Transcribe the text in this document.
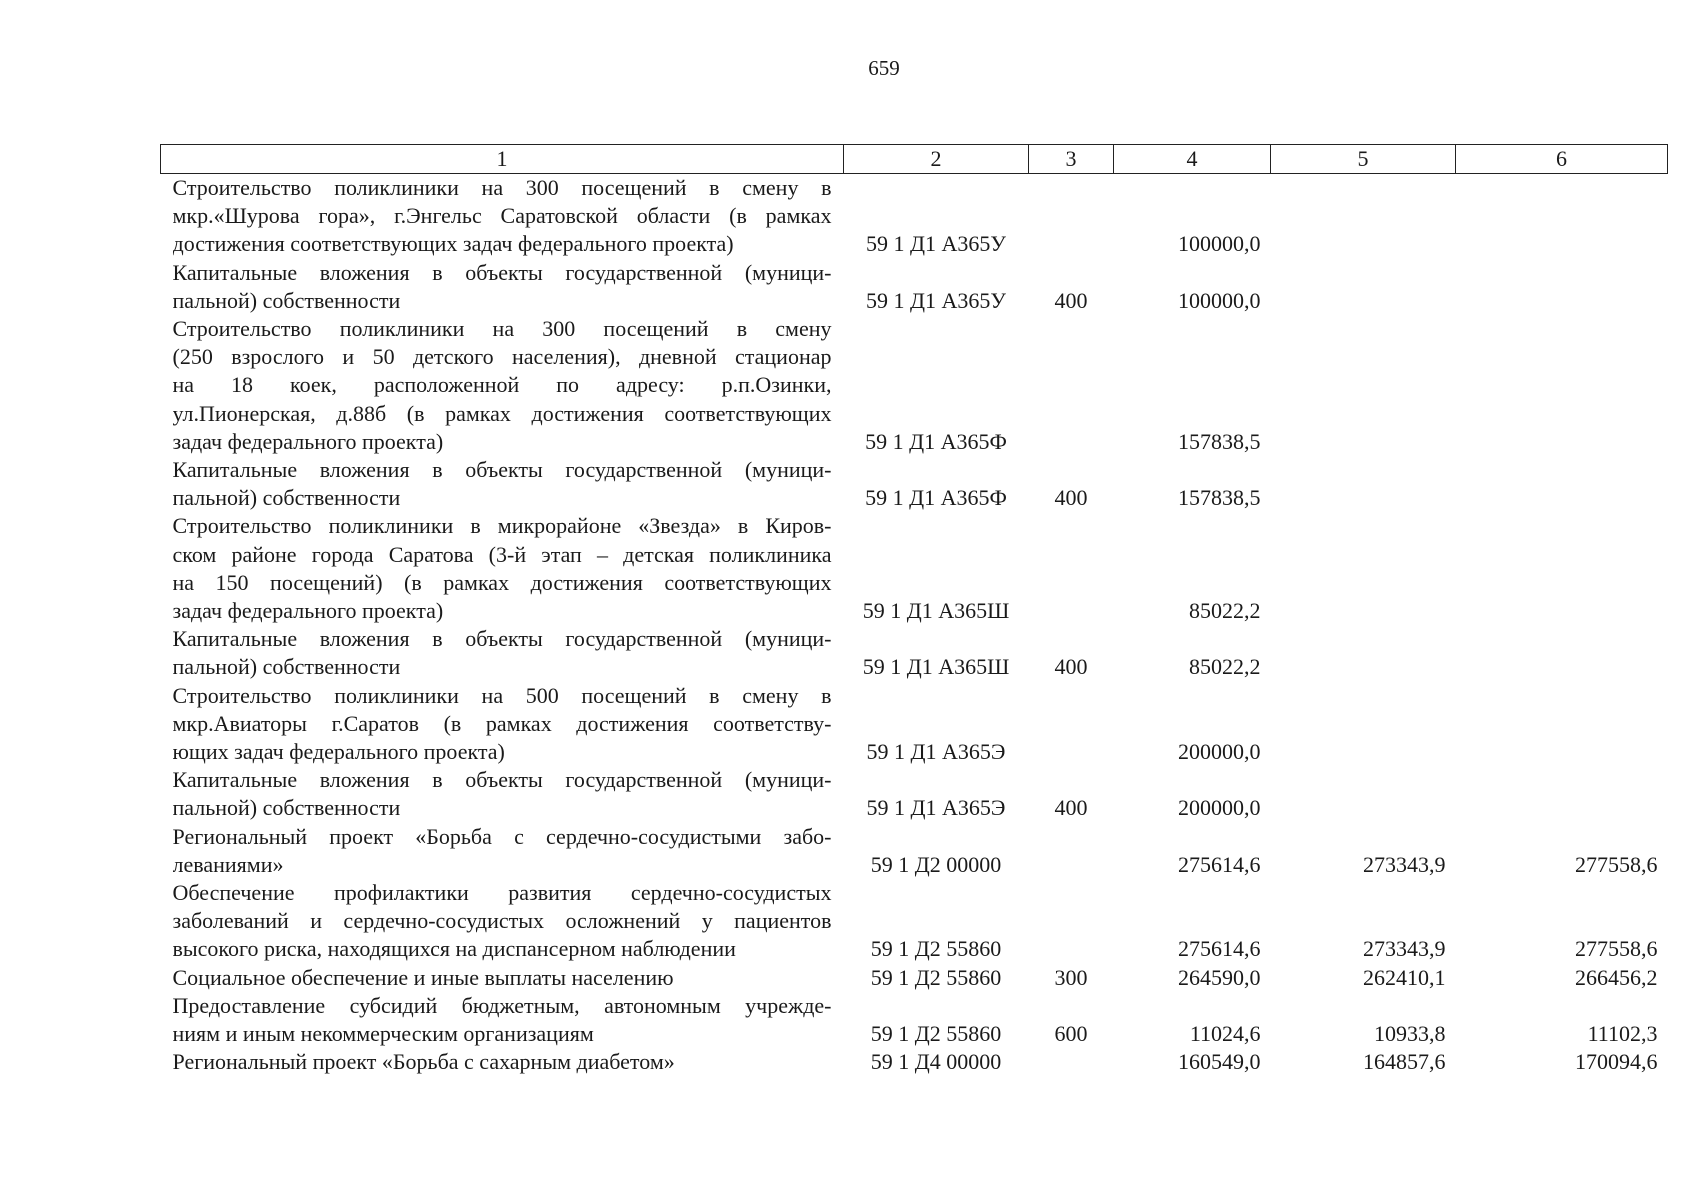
659
1	2	3	4	5	6

Строительство поликлиники на 300 посещений в смену в
мкр.«Шурова гора», г.Энгельс Саратовской области (в рамках
достижения соответствующих задач федерального проекта)	59 1 Д1 А365У		100000,0		

Капитальные вложения в объекты государственной (муници-
пальной) собственности	59 1 Д1 А365У	400	100000,0		

Строительство поликлиники на 300 посещений в смену
(250 взрослого и 50 детского населения), дневной стационар
на 18 коек, расположенной по адресу: р.п.Озинки,
ул.Пионерская, д.88б (в рамках достижения соответствующих
задач федерального проекта)	59 1 Д1 А365Ф		157838,5		

Капитальные вложения в объекты государственной (муници-
пальной) собственности	59 1 Д1 А365Ф	400	157838,5		

Строительство поликлиники в микрорайоне «Звезда» в Киров-
ском районе города Саратова (3-й этап – детская поликлиника
на 150 посещений) (в рамках достижения соответствующих
задач федерального проекта)	59 1 Д1 А365Ш		85022,2		

Капитальные вложения в объекты государственной (муници-
пальной) собственности	59 1 Д1 А365Ш	400	85022,2		

Строительство поликлиники на 500 посещений в смену в
мкр.Авиаторы г.Саратов (в рамках достижения соответству-
ющих задач федерального проекта)	59 1 Д1 А365Э		200000,0		

Капитальные вложения в объекты государственной (муници-
пальной) собственности	59 1 Д1 А365Э	400	200000,0		

Региональный проект «Борьба с сердечно-сосудистыми забо-
леваниями»	59 1 Д2 00000		275614,6	273343,9	277558,6

Обеспечение профилактики развития сердечно-сосудистых
заболеваний и сердечно-сосудистых осложнений у пациентов
высокого риска, находящихся на диспансерном наблюдении	59 1 Д2 55860		275614,6	273343,9	277558,6

Социальное обеспечение и иные выплаты населению	59 1 Д2 55860	300	264590,0	262410,1	266456,2

Предоставление субсидий бюджетным, автономным учрежде-
ниям и иным некоммерческим организациям	59 1 Д2 55860	600	11024,6	10933,8	11102,3

Региональный проект «Борьба с сахарным диабетом»	59 1 Д4 00000		160549,0	164857,6	170094,6
